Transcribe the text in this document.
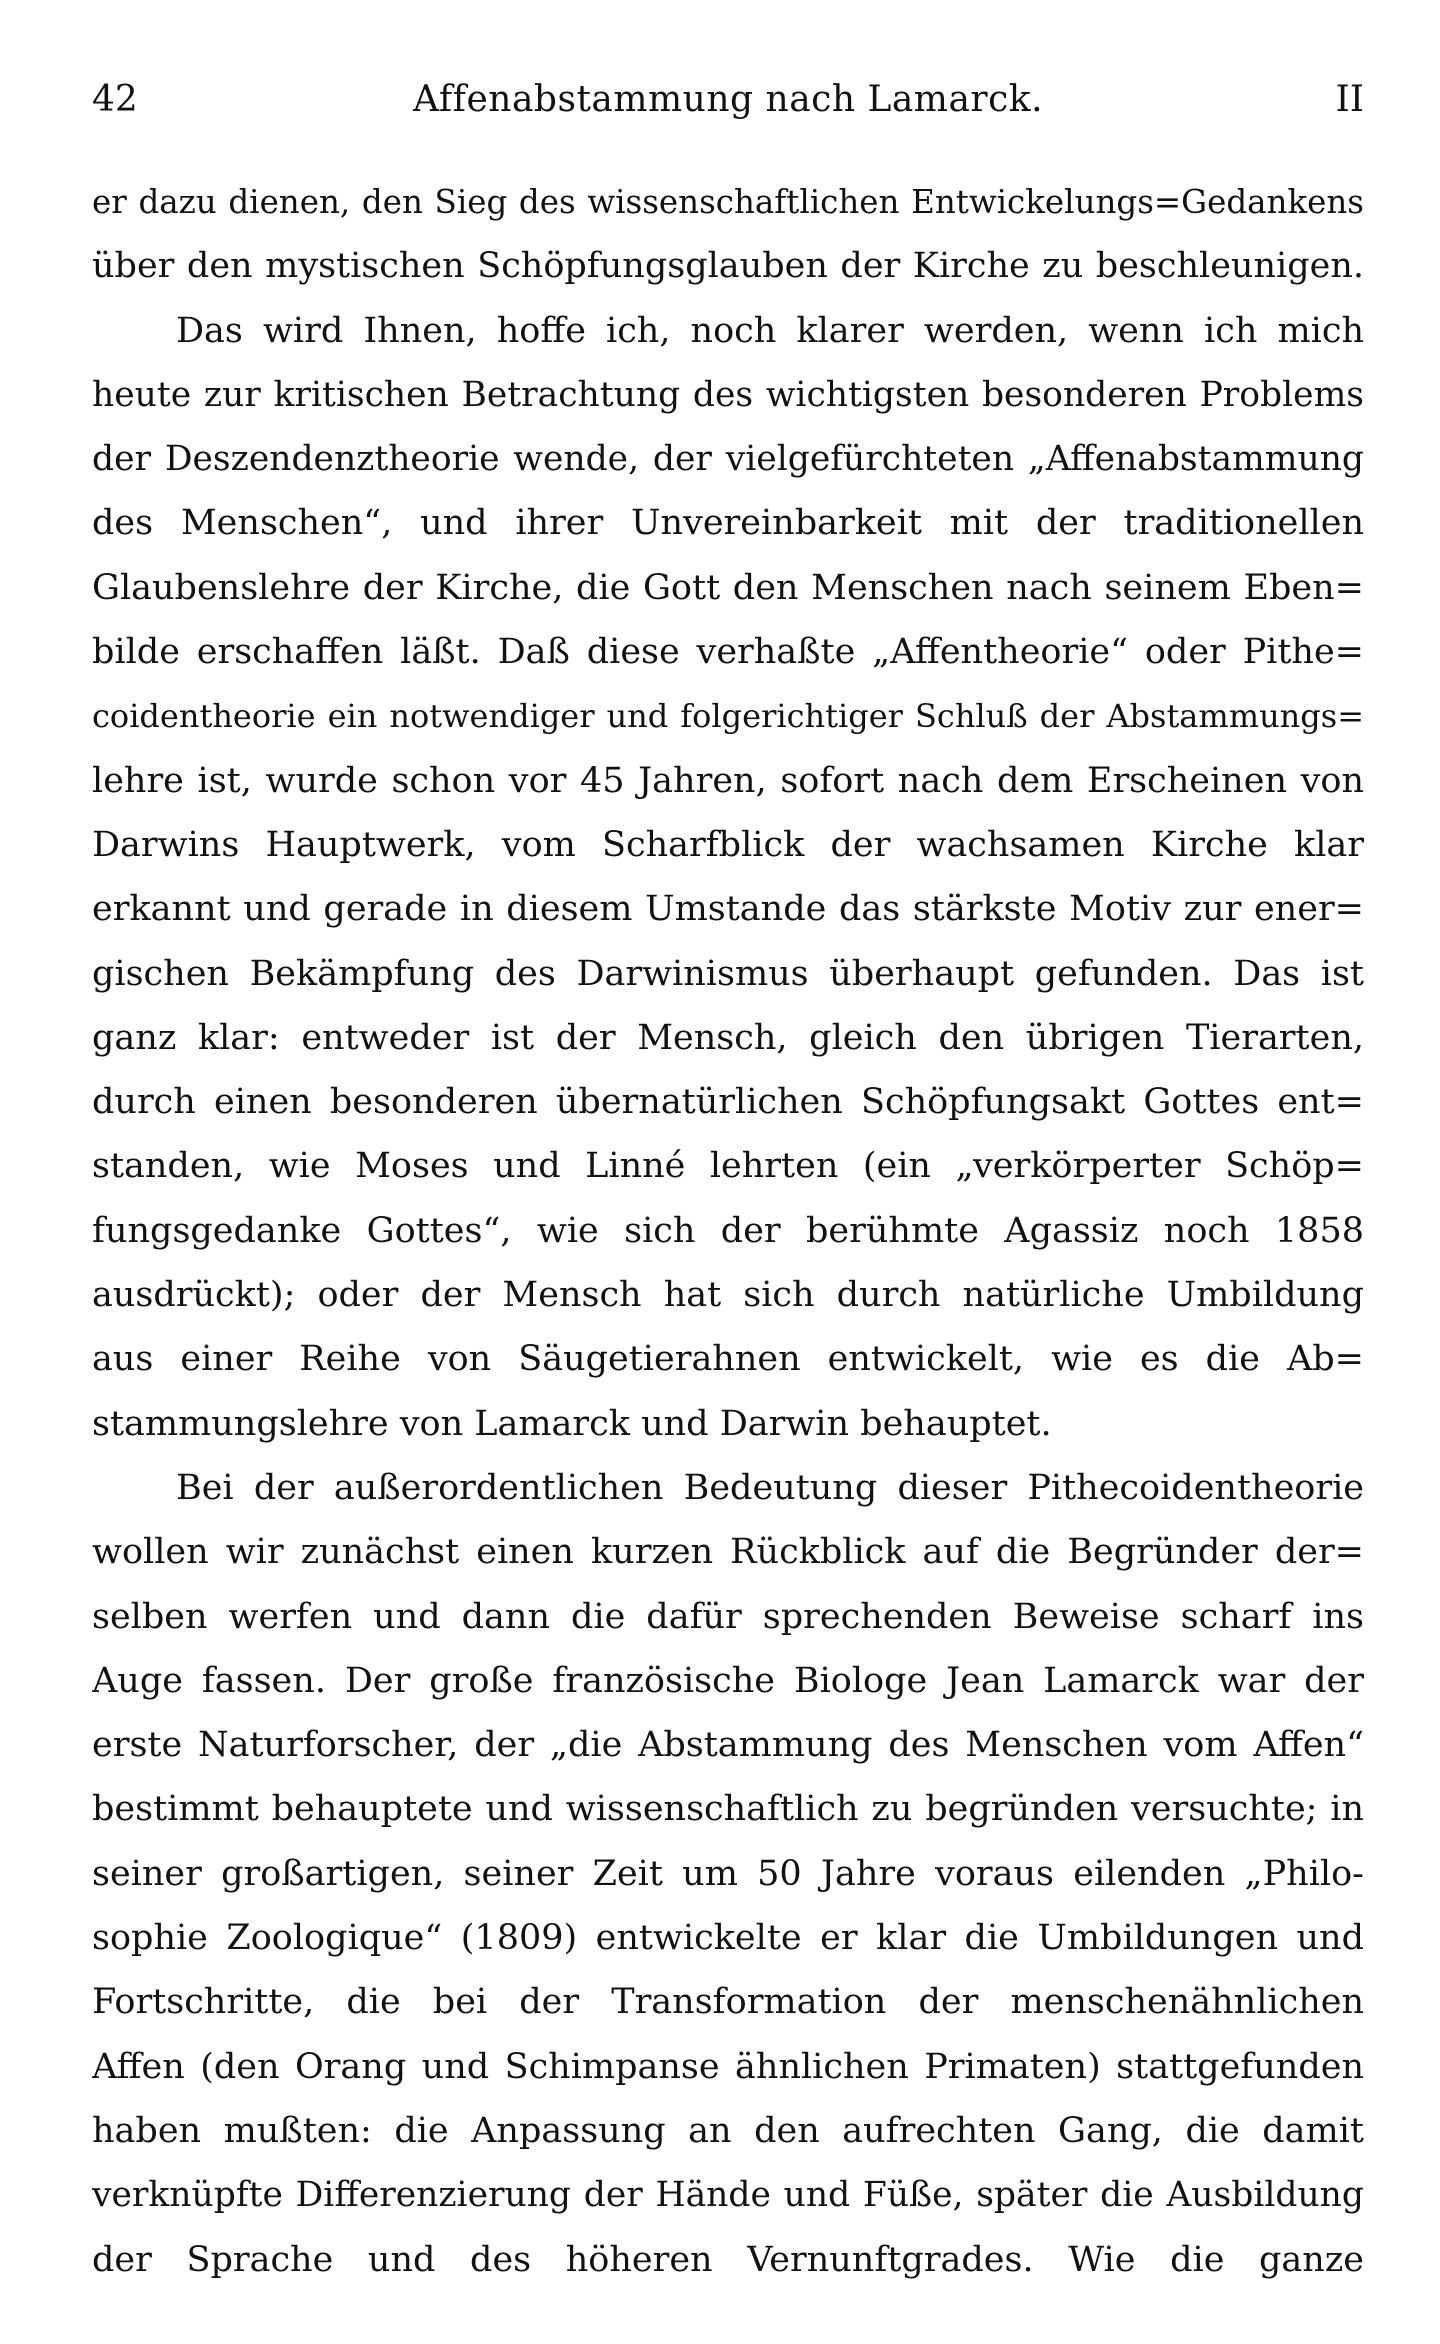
Affenabstammung nach Lamarck.
42	II
er dazu dienen, den Sieg des wissenschaftlichen Entwickelungs=Gedankens
über den mystischen Schöpfungsglauben der Kirche zu beschleunigen.
Das wird Ihnen, hoffe ich, noch klarer werden, wenn ich mich
heute zur kritischen Betrachtung des wichtigsten besonderen Problems
der Deszendenztheorie wende, der vielgefürchteten „Affenabstammung
des Menschen“, und ihrer Unvereinbarkeit mit der traditionellen
Glaubenslehre der Kirche, die Gott den Menschen nach seinem Eben=
bilde erschaffen läßt. Daß diese verhaßte „Affentheorie“ oder Pithe=
coidentheorie ein notwendiger und folgerichtiger Schluß der Abstammungs=
lehre ist, wurde schon vor 45 Jahren, sofort nach dem Erscheinen von
Darwins Hauptwerk, vom Scharfblick der wachsamen Kirche klar
erkannt und gerade in diesem Umstande das stärkste Motiv zur ener=
gischen Bekämpfung des Darwinismus überhaupt gefunden. Das ist
ganz klar: entweder ist der Mensch, gleich den übrigen Tierarten,
durch einen besonderen übernatürlichen Schöpfungsakt Gottes ent=
standen, wie Moses und Linné lehrten (ein „verkörperter Schöp=
fungsgedanke Gottes“, wie sich der berühmte Agassiz noch 1858
ausdrückt); oder der Mensch hat sich durch natürliche Umbildung
aus einer Reihe von Säugetierahnen entwickelt, wie es die Ab=
stammungslehre von Lamarck und Darwin behauptet.
Bei der außerordentlichen Bedeutung dieser Pithecoidentheorie
wollen wir zunächst einen kurzen Rückblick auf die Begründer der=
selben werfen und dann die dafür sprechenden Beweise scharf ins
Auge fassen. Der große französische Biologe Jean Lamarck war der
erste Naturforscher, der „die Abstammung des Menschen vom Affen“
bestimmt behauptete und wissenschaftlich zu begründen versuchte; in
seiner großartigen, seiner Zeit um 50 Jahre voraus eilenden „Philo-
sophie Zoologique“ (1809) entwickelte er klar die Umbildungen und
Fortschritte, die bei der Transformation der menschenähnlichen
Affen (den Orang und Schimpanse ähnlichen Primaten) stattgefunden
haben mußten: die Anpassung an den aufrechten Gang, die damit
verknüpfte Differenzierung der Hände und Füße, später die Ausbildung
der Sprache und des höheren Vernunftgrades. Wie die ganze
